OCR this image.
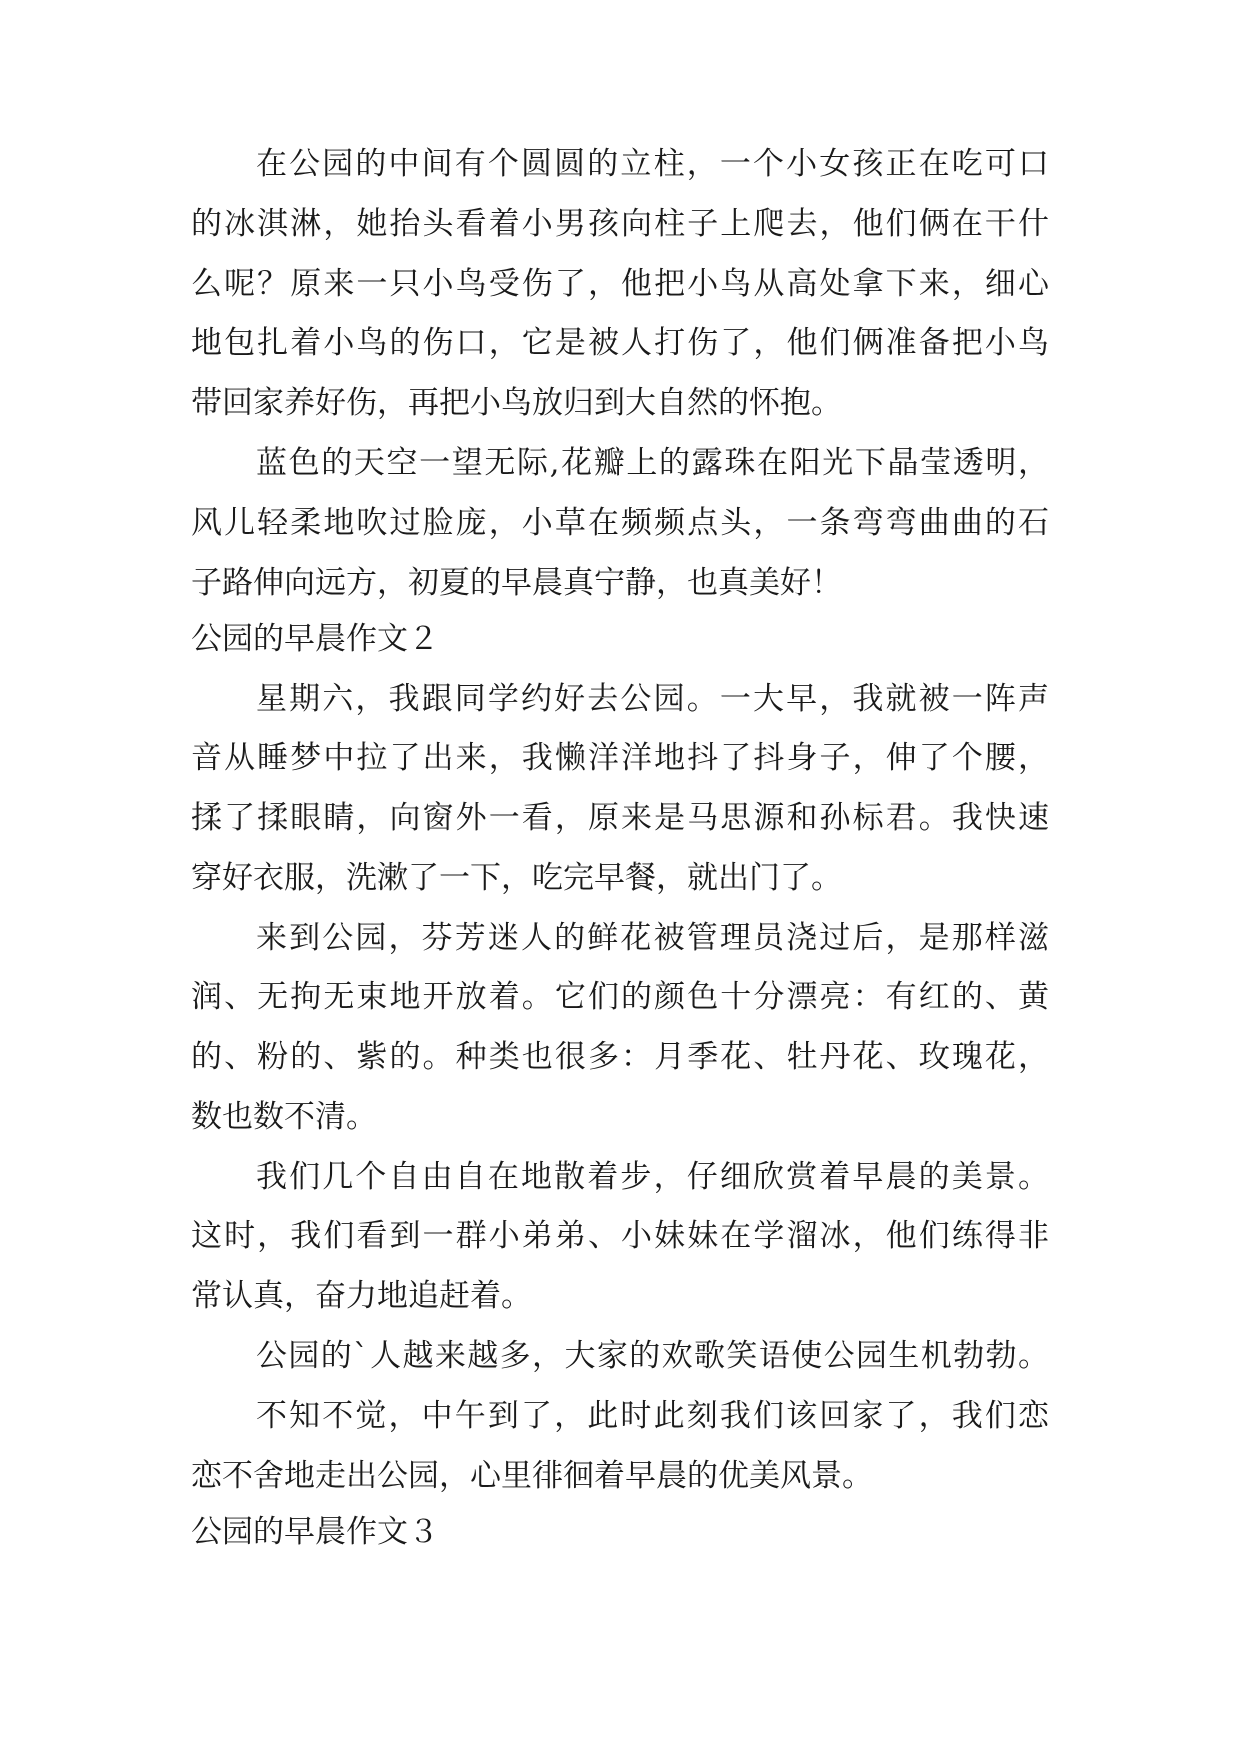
在公园的中间有个圆圆的立柱，一个小女孩正在吃可口
的冰淇淋，她抬头看着小男孩向柱子上爬去，他们俩在干什
么呢？原来一只小鸟受伤了，他把小鸟从高处拿下来，细心
地包扎着小鸟的伤口，它是被人打伤了，他们俩准备把小鸟
带回家养好伤，再把小鸟放归到大自然的怀抱。
蓝色的天空一望无际,花瓣上的露珠在阳光下晶莹透明，
风儿轻柔地吹过脸庞，小草在频频点头，一条弯弯曲曲的石
子路伸向远方，初夏的早晨真宁静，也真美好！
公园的早晨作文２
星期六，我跟同学约好去公园。一大早，我就被一阵声
音从睡梦中拉了出来，我懒洋洋地抖了抖身子，伸了个腰，
揉了揉眼睛，向窗外一看，原来是马思源和孙标君。我快速
穿好衣服，洗漱了一下，吃完早餐，就出门了。
来到公园，芬芳迷人的鲜花被管理员浇过后，是那样滋
润、无拘无束地开放着。它们的颜色十分漂亮：有红的、黄
的、粉的、紫的。种类也很多：月季花、牡丹花、玫瑰花，
数也数不清。
我们几个自由自在地散着步，仔细欣赏着早晨的美景。
这时，我们看到一群小弟弟、小妹妹在学溜冰，他们练得非
常认真，奋力地追赶着。
公园的`人越来越多，大家的欢歌笑语使公园生机勃勃。
不知不觉，中午到了，此时此刻我们该回家了，我们恋
恋不舍地走出公园，心里徘徊着早晨的优美风景。
公园的早晨作文３
